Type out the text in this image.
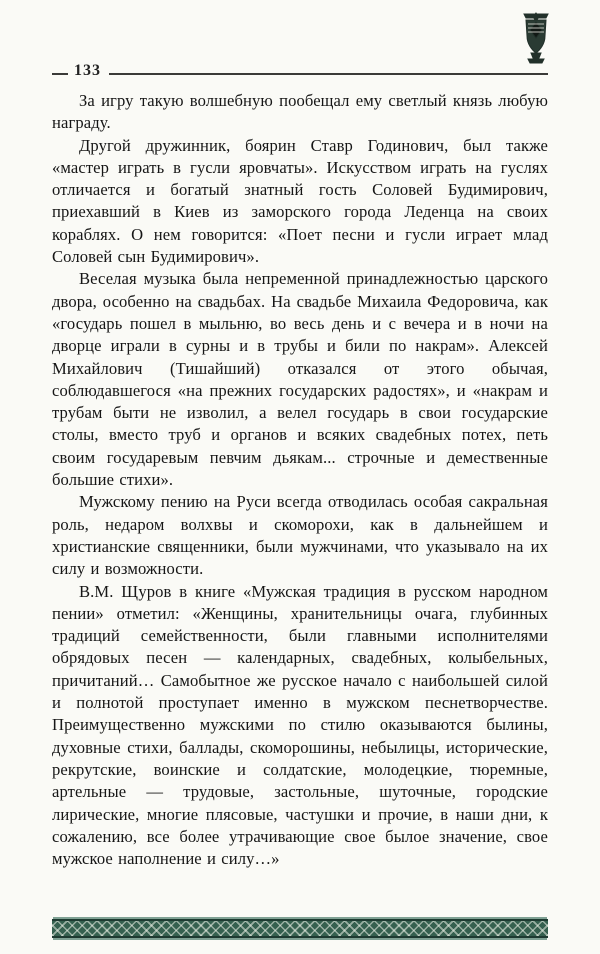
133

За игру такую волшебную пообещал ему светлый князь любую награду.

Другой дружинник, боярин Ставр Годинович, был также «мастер играть в гусли яровчаты». Искусством играть на гуслях отличается и богатый знатный гость Соловей Будимирович, приехавший в Киев из заморского города Леденца на своих кораблях. О нем говорится: «Поет песни и гусли играет млад Соловей сын Будимирович».

Веселая музыка была непременной принадлежностью царского двора, особенно на свадьбах. На свадьбе Михаила Федоровича, как «государь пошел в мыльню, во весь день и с вечера и в ночи на дворце играли в сурны и в трубы и били по накрам». Алексей Михайлович (Тишайший) отказался от этого обычая, соблюдавшегося «на прежних государских радостях», и «накрам и трубам быти не изволил, а велел государь в свои государские столы, вместо труб и органов и всяких свадебных потех, петь своим государевым певчим дьякам... строчные и демественные большие стихи».

Мужскому пению на Руси всегда отводилась особая сакральная роль, недаром волхвы и скоморохи, как в дальнейшем и христианские священники, были мужчинами, что указывало на их силу и возможности.

В.М. Щуров в книге «Мужская традиция в русском народном пении» отметил: «Женщины, хранительницы очага, глубинных традиций семейственности, были главными исполнителями обрядовых песен — календарных, свадебных, колыбельных, причитаний… Самобытное же русское начало с наибольшей силой и полнотой проступает именно в мужском песнетворчестве. Преимущественно мужскими по стилю оказываются былины, духовные стихи, баллады, скоморошины, небылицы, исторические, рекрутские, воинские и солдатские, молодецкие, тюремные, артельные — трудовые, застольные, шуточные, городские лирические, многие плясовые, частушки и прочие, в наши дни, к сожалению, все более утрачивающие свое былое значение, свое мужское наполнение и силу…»
